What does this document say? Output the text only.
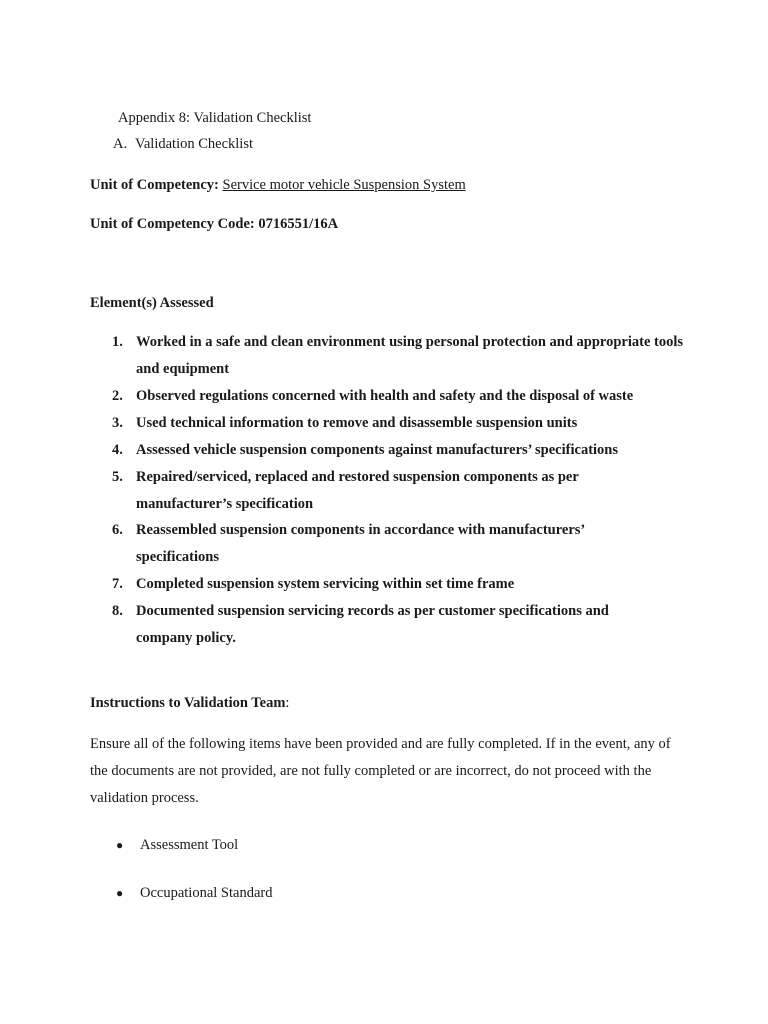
Appendix 8: Validation Checklist
A. Validation Checklist
Unit of Competency: Service motor vehicle Suspension System
Unit of Competency Code: 0716551/16A
Element(s) Assessed
1. Worked in a safe and clean environment using personal protection and appropriate tools and equipment
2. Observed regulations concerned with health and safety and the disposal of waste
3. Used technical information to remove and disassemble suspension units
4. Assessed vehicle suspension components against manufacturers’ specifications
5. Repaired/serviced, replaced and restored suspension components as per manufacturer’s specification
6. Reassembled suspension components in accordance with manufacturers’ specifications
7. Completed suspension system servicing within set time frame
8. Documented suspension servicing records as per customer specifications and company policy.
Instructions to Validation Team:
Ensure all of the following items have been provided and are fully completed. If in the event, any of the documents are not provided, are not fully completed or are incorrect, do not proceed with the validation process.
● Assessment Tool
● Occupational Standard
